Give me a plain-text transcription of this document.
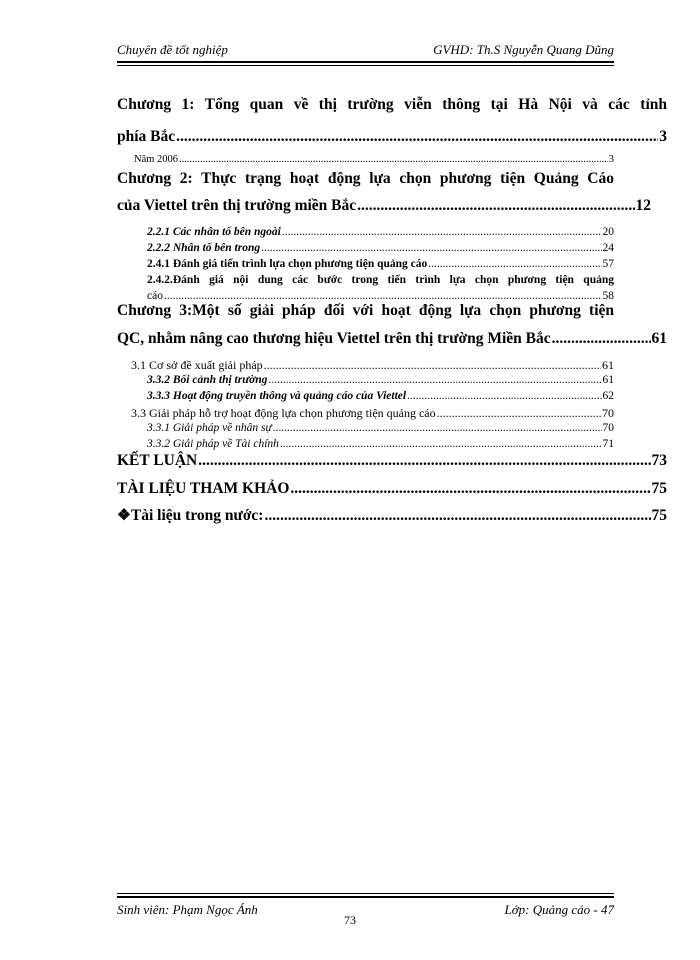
Chuyên đề tốt nghiệp	GVHD: Th.S Nguyễn Quang Dũng
Chương 1: Tổng quan về thị trường viễn thông tại Hà Nội và các tỉnh
phía Bắc .....	3
Năm 2006 .....	3
Chương 2: Thực trạng hoạt động lựa chọn phương tiện Quảng Cáo
của Viettel trên thị trường miền Bắc .....	12
2.2.1 Các nhân tố bên ngoài .....	20
2.2.2 Nhân tố bên trong .....	24
2.4.1 Đánh giá tiến trình lựa chọn phương tiện quảng cáo .....	57
2.4.2.Đánh giá nội dung các bước trong tiến trình lựa chọn phương tiện quảng
cáo .....	58
Chương 3:Một số giải pháp đối với hoạt động lựa chọn phương tiện
QC, nhằm nâng cao thương hiệu Viettel trên thị trường Miền Bắc .....	61
3.1 Cơ sở đề xuất giải pháp .....	61
3.3.2 Bối cảnh thị trường .....	61
3.3.3 Hoạt động truyền thông và quảng cáo của Viettel .....	62
3.3 Giải pháp hỗ trợ hoạt động lựa chọn phương tiện quảng cáo .....	70
3.3.1 Giải pháp về nhân sự .....	70
3.3.2 Giải pháp về Tài chính .....	71
KẾT LUẬN .....	73
TÀI LIỆU THAM KHẢO .....	75
❖ Tài liệu trong nước: .....	75
Sinh viên: Phạm Ngọc Ánh	Lớp: Quảng cáo - 47
73
